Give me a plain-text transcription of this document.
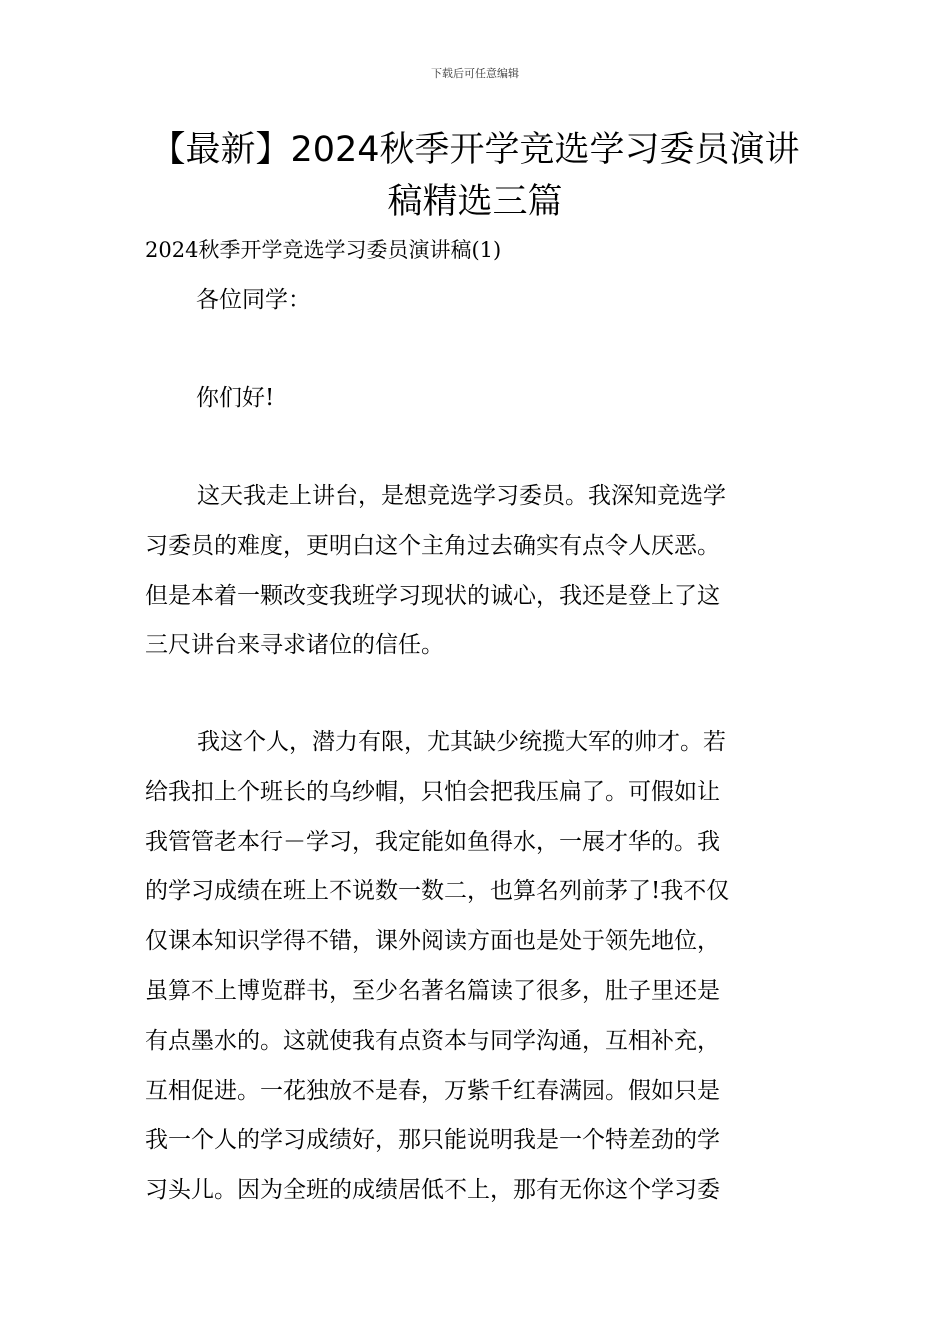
下载后可任意编辑
【最新】2024秋季开学竞选学习委员演讲
稿精选三篇
2024秋季开学竞选学习委员演讲稿(1)
各位同学：
你们好!
这天我走上讲台，是想竞选学习委员。我深知竞选学
习委员的难度，更明白这个主角过去确实有点令人厌恶。
但是本着一颗改变我班学习现状的诚心，我还是登上了这
三尺讲台来寻求诸位的信任。
我这个人，潜力有限，尤其缺少统揽大军的帅才。若
给我扣上个班长的乌纱帽，只怕会把我压扁了。可假如让
我管管老本行－学习，我定能如鱼得水，一展才华的。我
的学习成绩在班上不说数一数二，也算名列前茅了!我不仅
仅课本知识学得不错，课外阅读方面也是处于领先地位，
虽算不上博览群书，至少名著名篇读了很多，肚子里还是
有点墨水的。这就使我有点资本与同学沟通，互相补充，
互相促进。一花独放不是春，万紫千红春满园。假如只是
我一个人的学习成绩好，那只能说明我是一个特差劲的学
习头儿。因为全班的成绩居低不上，那有无你这个学习委
